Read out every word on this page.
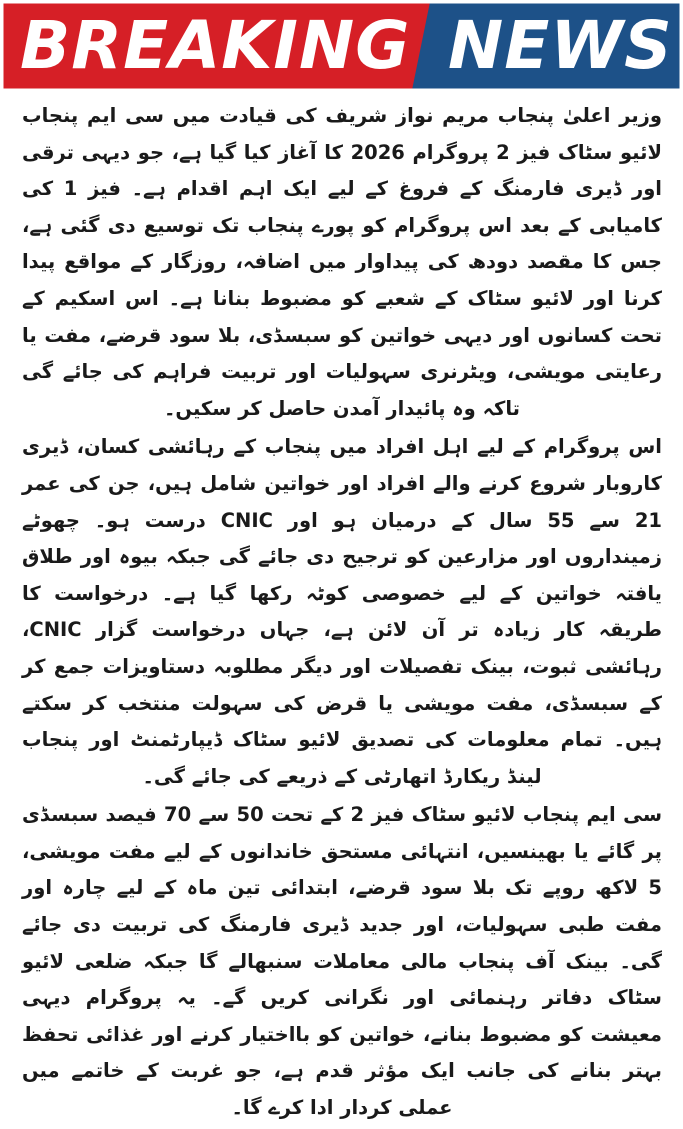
BREAKING NEWS

وزیر اعلیٰ پنجاب مریم نواز شریف کی قیادت میں سی ایم پنجاب لائیو سٹاک فیز 2 پروگرام 2026 کا آغاز کیا گیا ہے، جو دیہی ترقی اور ڈیری فارمنگ کے فروغ کے لیے ایک اہم اقدام ہے۔ فیز 1 کی کامیابی کے بعد اس پروگرام کو پورے پنجاب تک توسیع دی گئی ہے، جس کا مقصد دودھ کی پیداوار میں اضافہ، روزگار کے مواقع پیدا کرنا اور لائیو سٹاک کے شعبے کو مضبوط بنانا ہے۔ اس اسکیم کے تحت کسانوں اور دیہی خواتین کو سبسڈی، بلا سود قرضے، مفت یا رعایتی مویشی، ویٹرنری سہولیات اور تربیت فراہم کی جائے گی تاکہ وہ پائیدار آمدن حاصل کر سکیں۔

اس پروگرام کے لیے اہل افراد میں پنجاب کے رہائشی کسان، ڈیری کاروبار شروع کرنے والے افراد اور خواتین شامل ہیں، جن کی عمر 21 سے 55 سال کے درمیان ہو اور CNIC درست ہو۔ چھوٹے زمینداروں اور مزارعین کو ترجیح دی جائے گی جبکہ بیوہ اور طلاق یافتہ خواتین کے لیے خصوصی کوٹہ رکھا گیا ہے۔ درخواست کا طریقہ کار زیادہ تر آن لائن ہے، جہاں درخواست گزار CNIC، رہائشی ثبوت، بینک تفصیلات اور دیگر مطلوبہ دستاویزات جمع کر کے سبسڈی، مفت مویشی یا قرض کی سہولت منتخب کر سکتے ہیں۔ تمام معلومات کی تصدیق لائیو سٹاک ڈیپارٹمنٹ اور پنجاب لینڈ ریکارڈ اتھارٹی کے ذریعے کی جائے گی۔

سی ایم پنجاب لائیو سٹاک فیز 2 کے تحت 50 سے 70 فیصد سبسڈی پر گائے یا بھینسیں، انتہائی مستحق خاندانوں کے لیے مفت مویشی، 5 لاکھ روپے تک بلا سود قرضے، ابتدائی تین ماہ کے لیے چارہ اور مفت طبی سہولیات، اور جدید ڈیری فارمنگ کی تربیت دی جائے گی۔ بینک آف پنجاب مالی معاملات سنبھالے گا جبکہ ضلعی لائیو سٹاک دفاتر رہنمائی اور نگرانی کریں گے۔ یہ پروگرام دیہی معیشت کو مضبوط بنانے، خواتین کو بااختیار کرنے اور غذائی تحفظ بہتر بنانے کی جانب ایک مؤثر قدم ہے، جو غربت کے خاتمے میں عملی کردار ادا کرے گا۔
